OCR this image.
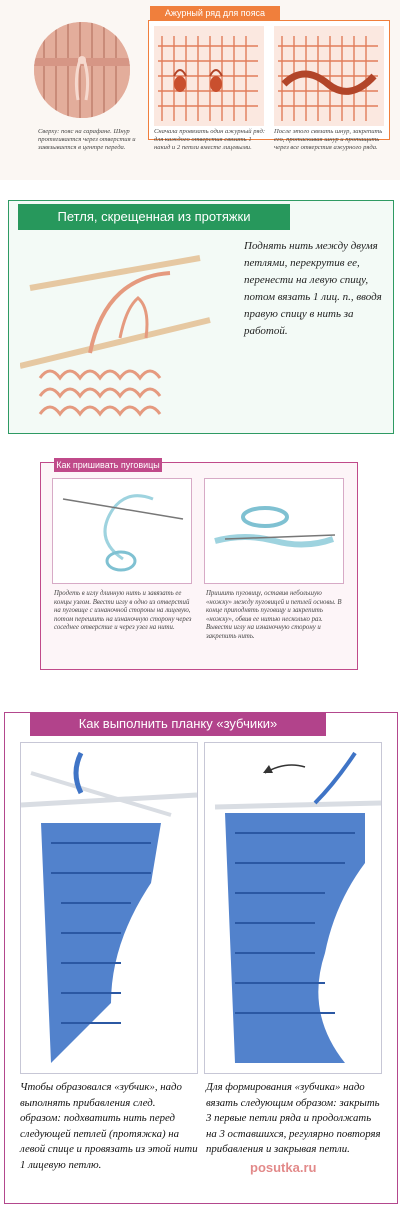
Ажурный ряд для пояса
Сверху: пояс на сарафане. Шнур протягивается через отверстия и завязывается в центре переда.
Сначала провязать один ажурный ряд: для каждого отверстия связать 1 накид и 2 петли вместе лицевыми.
После этого связать шнур, закрепить его, протаскивая шнур и протащить через все отверстия ажурного ряда.
Петля, скрещенная из протяжки
Поднять нить между двумя петлями, перекрутив ее, перенести на левую спицу, потом вязать 1 лиц. п., вводя правую спицу в нить за работой.
Как пришивать пуговицы
Продеть в иглу длинную нить и завязать ее концы узлом. Ввести иглу в одно из отверстий на пуговице с изнаночной стороны на лицевую, потом перешить на изнаночную сторону через соседнее отверстие и через узел на нити.
Пришить пуговицу, оставив небольшую «ножку» между пуговицей и петлей основы. В конце приподнять пуговицу и закрепить «ножку», обвив ее нитью несколько раз. Вывести иглу на изнаночную сторону и закрепить нить.
Как выполнить планку «зубчики»
Чтобы образовался «зубчик», надо выполнять прибавления след. образом: подхватить нить перед следующей петлей (протяжка) на левой спице и провязать из этой нити 1 лицевую петлю.
Для формирования «зубчика» надо вязать следующим образом: закрыть 3 первые петли ряда и продолжать на 3 оставшихся, регулярно повторяя прибавления и закрывая петли.
posutka.ru
